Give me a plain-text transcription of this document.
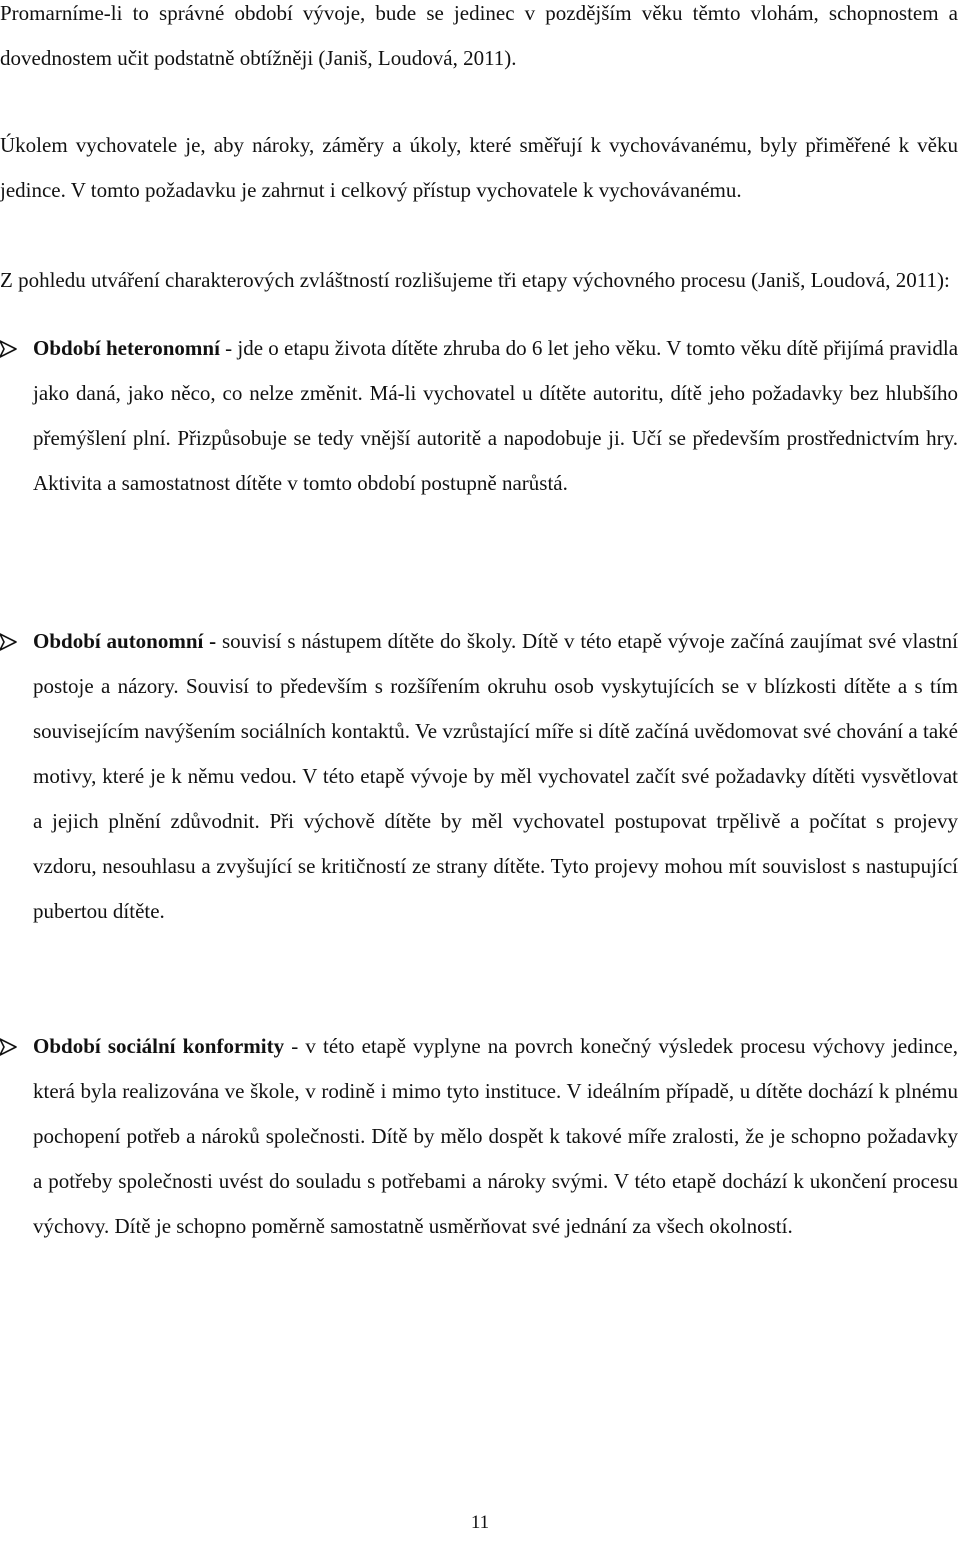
Promarníme-li to správné období vývoje, bude se jedinec v pozdějším věku těmto vlohám, schopnostem a dovednostem učit podstatně obtížněji (Janiš, Loudová, 2011).

Úkolem vychovatele je, aby nároky, záměry a úkoly, které směřují k vychovávanému, byly přiměřené k věku jedince. V tomto požadavku je zahrnut i celkový přístup vychovatele k vychovávanému.

Z pohledu utváření charakterových zvláštností rozlišujeme tři etapy výchovného procesu (Janiš, Loudová, 2011):

Období heteronomní - jde o etapu života dítěte zhruba do 6 let jeho věku. V tomto věku dítě přijímá pravidla jako daná, jako něco, co nelze změnit. Má-li vychovatel u dítěte autoritu, dítě jeho požadavky bez hlubšího přemýšlení plní. Přizpůsobuje se tedy vnější autoritě a napodobuje ji. Učí se především prostřednictvím hry. Aktivita a samostatnost dítěte v tomto období postupně narůstá.
Období autonomní - souvisí s nástupem dítěte do školy. Dítě v této etapě vývoje začíná zaujímat své vlastní postoje a názory. Souvisí to především s rozšířením okruhu osob vyskytujících se v blízkosti dítěte a s tím souvisejícím navýšením sociálních kontaktů. Ve vzrůstající míře si dítě začíná uvědomovat své chování a také motivy, které je k němu vedou. V této etapě vývoje by měl vychovatel začít své požadavky dítěti vysvětlovat a jejich plnění zdůvodnit. Při výchově dítěte by měl vychovatel postupovat trpělivě a počítat s projevy vzdoru, nesouhlasu a zvyšující se kritičností ze strany dítěte. Tyto projevy mohou mít souvislost s nastupující pubertou dítěte.
Období sociální konformity - v této etapě vyplyne na povrch konečný výsledek procesu výchovy jedince, která byla realizována ve škole, v rodině i mimo tyto instituce. V ideálním případě, u dítěte dochází k plnému pochopení potřeb a nároků společnosti. Dítě by mělo dospět k takové míře zralosti, že je schopno požadavky a potřeby společnosti uvést do souladu s potřebami a nároky svými. V této etapě dochází k ukončení procesu výchovy. Dítě je schopno poměrně samostatně usměrňovat své jednání za všech okolností.
11
